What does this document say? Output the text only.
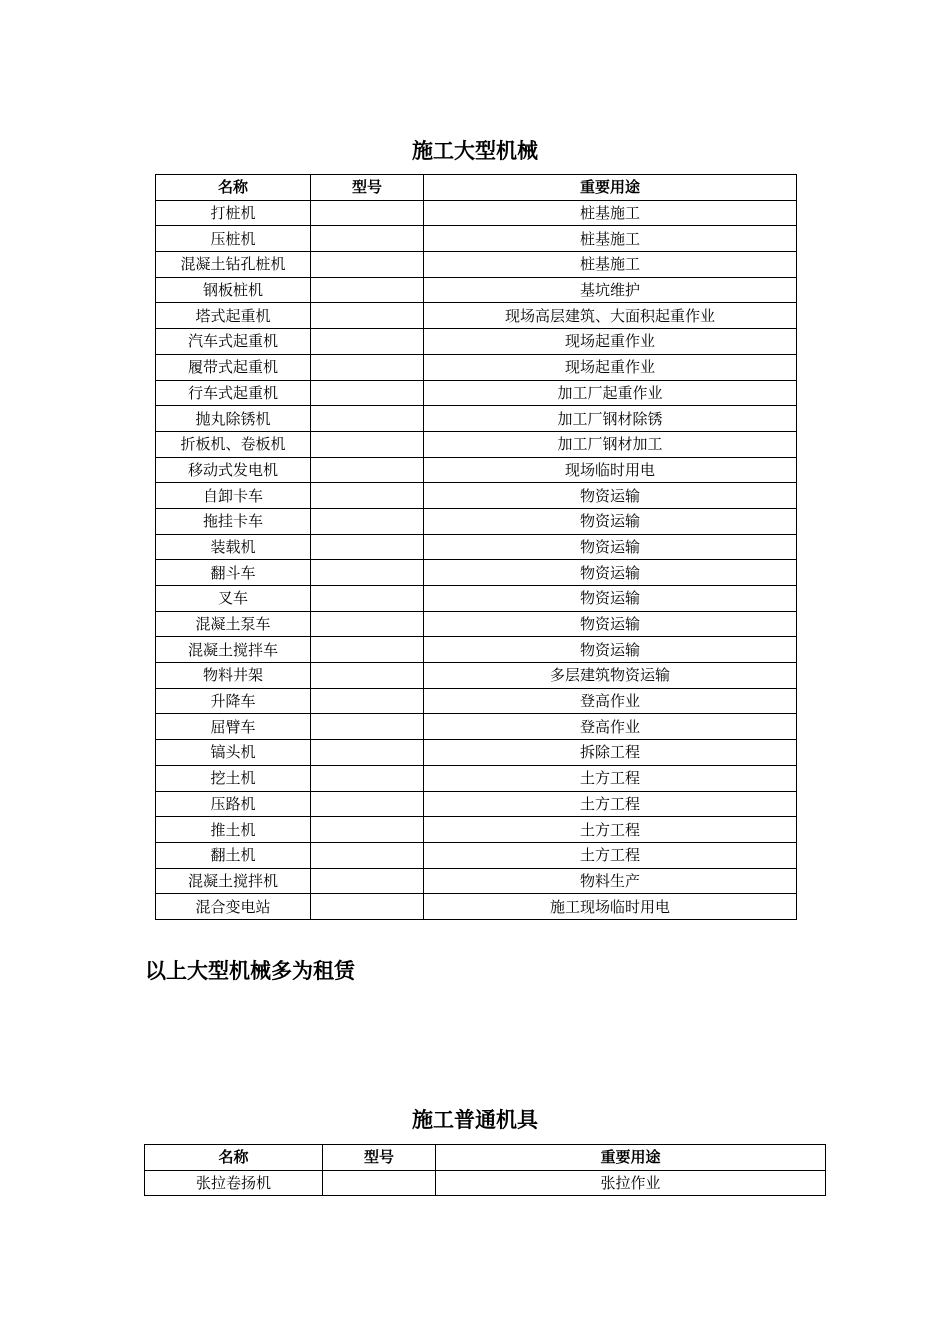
施工大型机械
名称	型号	重要用途
打桩机		桩基施工
压桩机		桩基施工
混凝土钻孔桩机		桩基施工
钢板桩机		基坑维护
塔式起重机		现场高层建筑、大面积起重作业
汽车式起重机		现场起重作业
履带式起重机		现场起重作业
行车式起重机		加工厂起重作业
抛丸除锈机		加工厂钢材除锈
折板机、卷板机		加工厂钢材加工
移动式发电机		现场临时用电
自卸卡车		物资运输
拖挂卡车		物资运输
装载机		物资运输
翻斗车		物资运输
叉车		物资运输
混凝土泵车		物资运输
混凝土搅拌车		物资运输
物料井架		多层建筑物资运输
升降车		登高作业
屈臂车		登高作业
镐头机		拆除工程
挖土机		土方工程
压路机		土方工程
推土机		土方工程
翻土机		土方工程
混凝土搅拌机		物料生产
混合变电站		施工现场临时用电
以上大型机械多为租赁
施工普通机具
名称	型号	重要用途
张拉卷扬机		张拉作业
